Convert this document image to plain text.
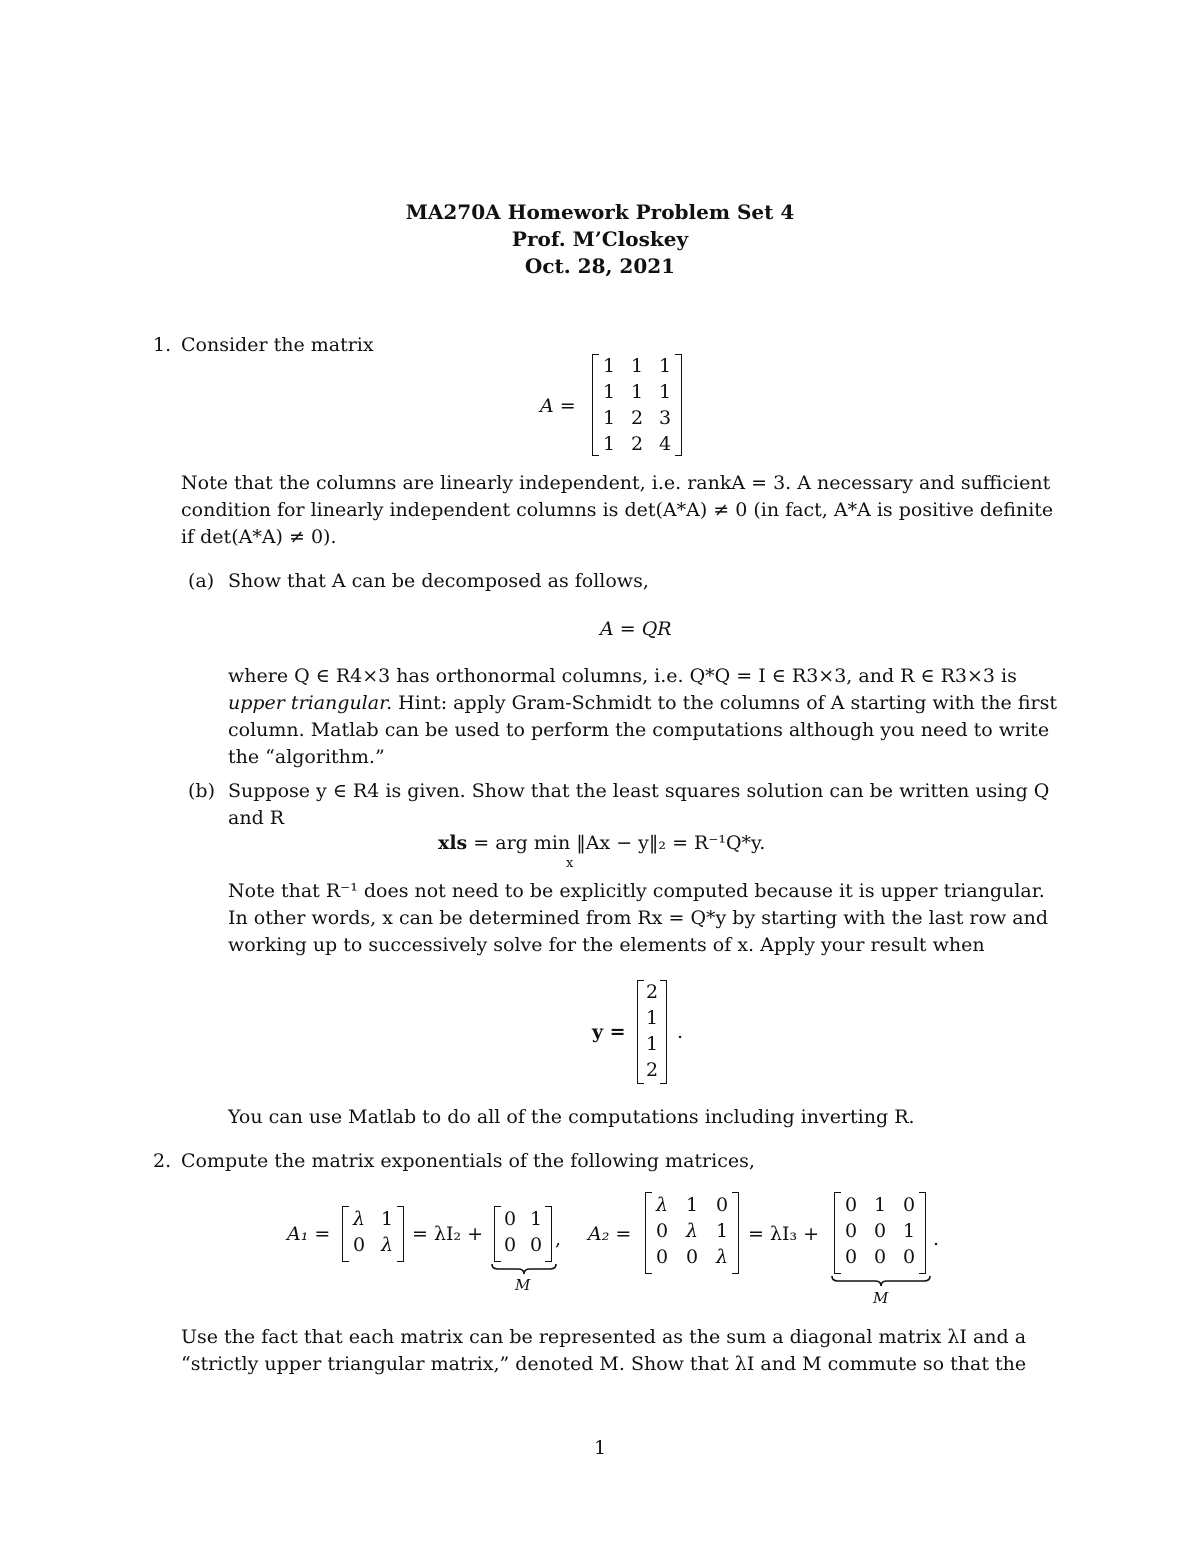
MA270A Homework Problem Set 4
Prof. M’Closkey
Oct. 28, 2021
1. Consider the matrix
A =
1 1 1
1 1 1
1 2 3
1 2 4
Note that the columns are linearly independent, i.e. rankA = 3. A necessary and sufficient
condition for linearly independent columns is det(A*A) ≠ 0 (in fact, A*A is positive definite
if det(A*A) ≠ 0).
(a) Show that A can be decomposed as follows,
A = QR
where Q ∈ R4×3 has orthonormal columns, i.e. Q*Q = I ∈ R3×3, and R ∈ R3×3 is
upper triangular. Hint: apply Gram-Schmidt to the columns of A starting with the first
column. Matlab can be used to perform the computations although you need to write
the “algorithm.”
(b) Suppose y ∈ R4 is given. Show that the least squares solution can be written using Q
and R
xls = arg min ‖Ax − y‖₂ = R⁻¹Q*y.
x
Note that R⁻¹ does not need to be explicitly computed because it is upper triangular.
In other words, x can be determined from Rx = Q*y by starting with the last row and
working up to successively solve for the elements of x. Apply your result when
y =
2
1
1
2
.
You can use Matlab to do all of the computations including inverting R.
2. Compute the matrix exponentials of the following matrices,
A₁ =
λ 1
0 λ = λI₂ +
0 1
0 0 ,
M
A₂ =
λ 1 0
0 λ 1
0 0 λ
= λI₃ +
0 1 0
0 0 1
0 0 0
.
M
Use the fact that each matrix can be represented as the sum a diagonal matrix λI and a
“strictly upper triangular matrix,” denoted M. Show that λI and M commute so that the
1
